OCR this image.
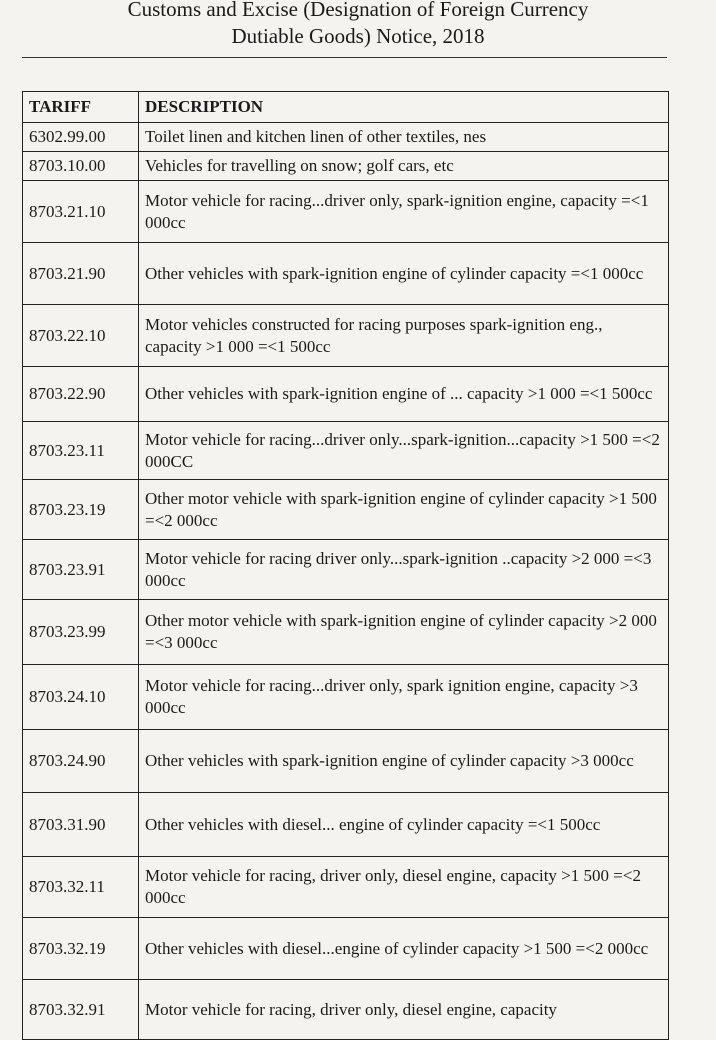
Customs and Excise (Designation of Foreign Currency
Dutiable Goods) Notice, 2018
TARIFF	DESCRIPTION
6302.99.00	Toilet linen and kitchen linen of other textiles, nes
8703.10.00	Vehicles for travelling on snow; golf cars, etc
8703.21.10	Motor vehicle for racing...driver only, spark-ignition engine, capacity =<1 000cc
8703.21.90	Other vehicles with spark-ignition engine of cylinder capacity =<1 000cc
8703.22.10	Motor vehicles constructed for racing purposes spark-ignition eng., capacity >1 000 =<1 500cc
8703.22.90	Other vehicles with spark-ignition engine of ... capacity >1 000 =<1 500cc
8703.23.11	Motor vehicle for racing...driver only...spark-ignition...capacity >1 500 =<2 000CC
8703.23.19	Other motor vehicle with spark-ignition engine of cylinder capacity >1 500 =<2 000cc
8703.23.91	Motor vehicle for racing driver only...spark-ignition ..capacity >2 000 =<3 000cc
8703.23.99	Other motor vehicle with spark-ignition engine of cylinder capacity >2 000 =<3 000cc
8703.24.10	Motor vehicle for racing...driver only, spark ignition engine, capacity >3 000cc
8703.24.90	Other vehicles with spark-ignition engine of cylinder capacity >3 000cc
8703.31.90	Other vehicles with diesel... engine of cylinder capacity =<1 500cc
8703.32.11	Motor vehicle for racing, driver only, diesel engine, capacity >1 500 =<2 000cc
8703.32.19	Other vehicles with diesel...engine of cylinder capacity >1 500 =<2 000cc
8703.32.91	Motor vehicle for racing, driver only, diesel engine, capacity
